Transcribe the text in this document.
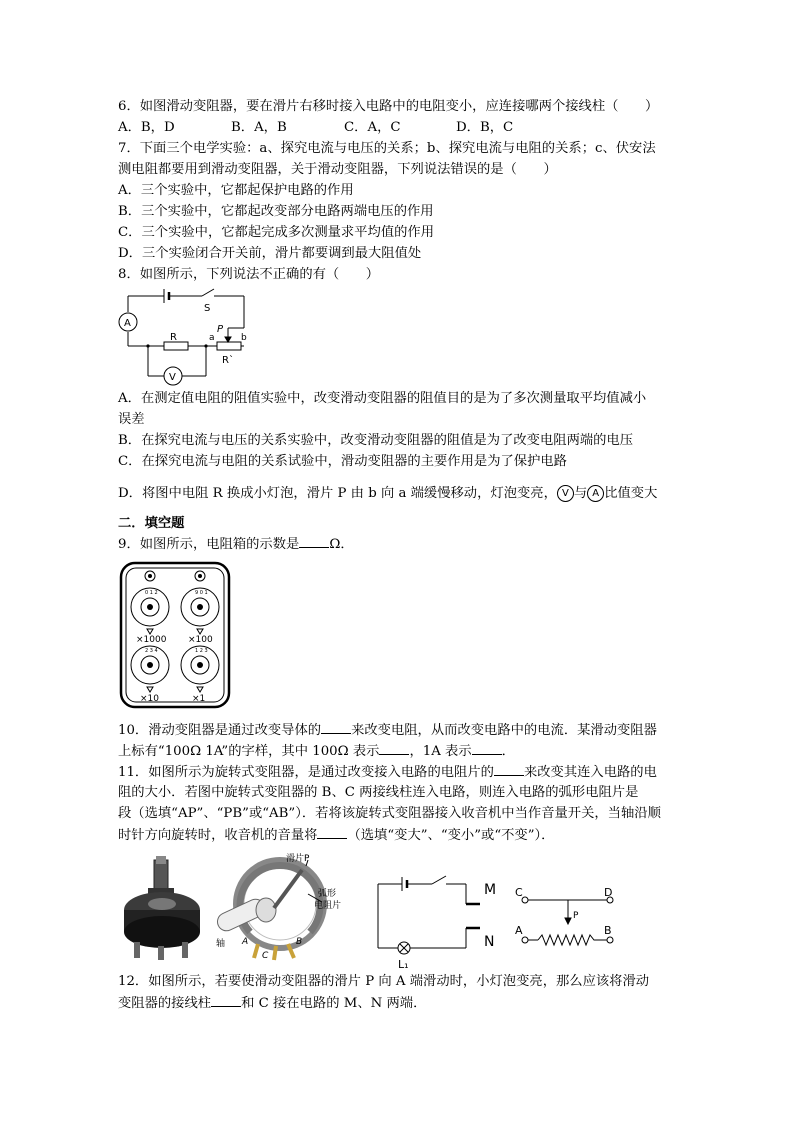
6．如图滑动变阻器，要在滑片右移时接入电路中的电阻变小，应连接哪两个接线柱（　　）
A．B，D	B．A，B	C．A，C	D．B，C
7．下面三个电学实验：a、探究电流与电压的关系；b、探究电流与电阻的关系；c、伏安法
测电阻都要用到滑动变阻器，关于滑动变阻器，下列说法错误的是（　　）
A．三个实验中，它都起保护电路的作用
B．三个实验中，它都起改变部分电路两端电压的作用
C．三个实验中，它都起完成多次测量求平均值的作用
D．三个实验闭合开关前，滑片都要调到最大阻值处
8．如图所示，下列说法不正确的有（　　）
S
P
a	b
R
R`
A
V
A．在测定值电阻的阻值实验中，改变滑动变阻器的阻值目的是为了多次测量取平均值减小
误差
B．在探究电流与电压的关系实验中，改变滑动变阻器的阻值是为了改变电阻两端的电压
C．在探究电流与电阻的关系试验中，滑动变阻器的主要作用是为了保护电路
D．将图中电阻 R 换成小灯泡，滑片 P 由 b 向 a 端缓慢移动，灯泡变亮， V 与 A 比值变大
二．填空题
9．如图所示，电阻箱的示数是 Ω．
0 1 2	9 0 1
2 3 4	1 2 3
×1000 ×100
×10	×1
10．滑动变阻器是通过改变导体的 来改变电阻，从而改变电路中的电流．某滑动变阻器
上标有“100Ω 1A”的字样，其中 100Ω 表示 ，1A 表示 ．
11．如图所示为旋转式变阻器，是通过改变接入电路的电阻片的 来改变其连入电路的电
阻的大小．若图中旋转式变阻器的 B、C 两接线柱连入电路，则连入电路的弧形电阻片是
段（选填“AP”、“PB”或“AB”）．若将该旋转式变阻器接入收音机中当作音量开关，当轴沿顺
时针方向旋转时，收音机的音量将 （选填“变大”、“变小”或“不变”）．
滑片P
弧形
电阻片
轴 A
C
B
M
N
L₁
C	D
A	B
P
12．如图所示，若要使滑动变阻器的滑片 P 向 A 端滑动时，小灯泡变亮，那么应该将滑动
变阻器的接线柱 和 C 接在电路的 M、N 两端．
